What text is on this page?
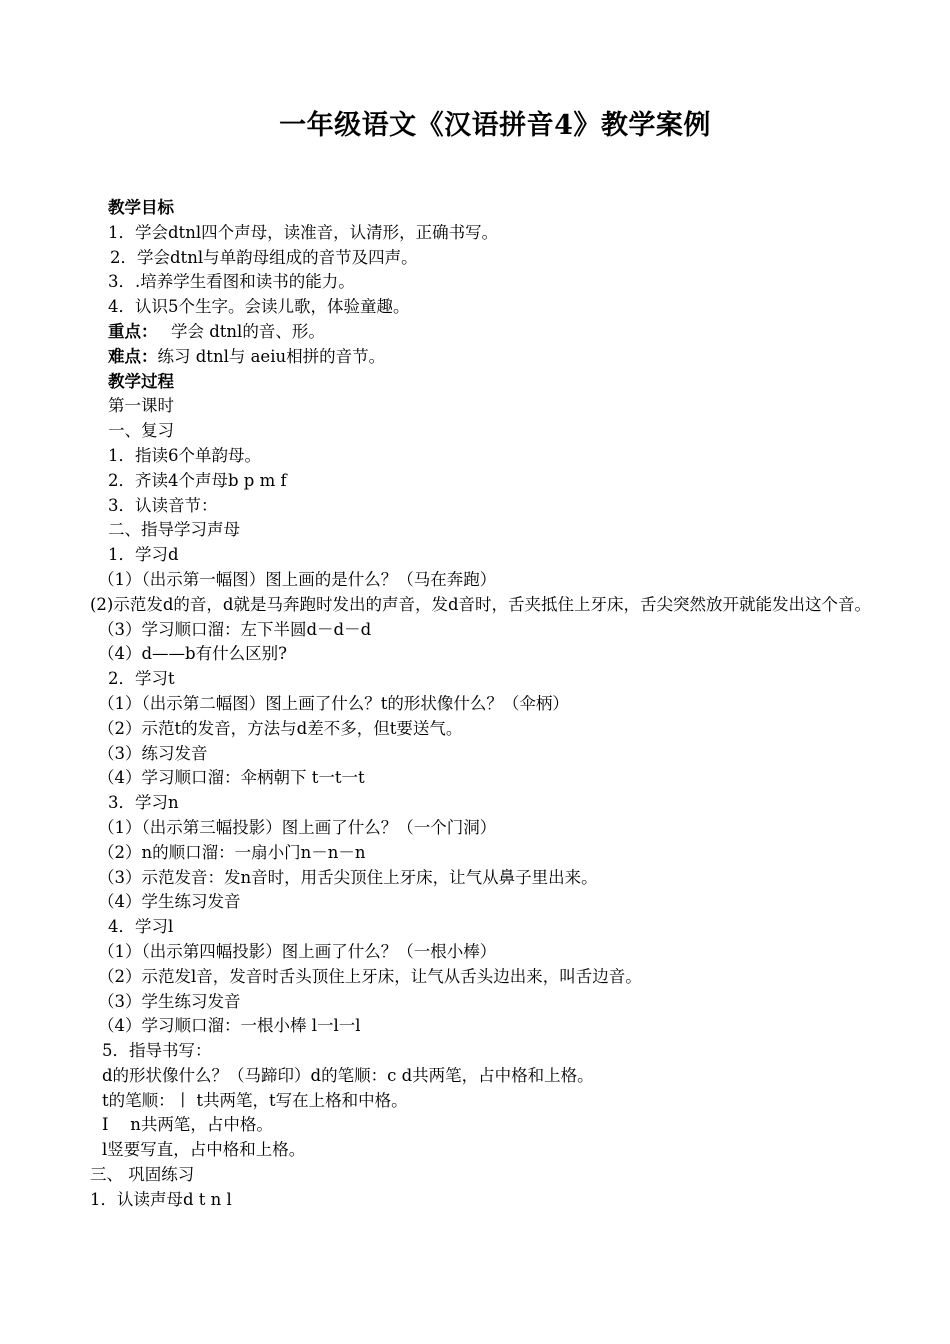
一年级语文《汉语拼音4》教学案例
教学目标
1．学会dtnl四个声母，读准音，认清形，正确书写。
2．学会dtnl与单韵母组成的音节及四声。
3．.培养学生看图和读书的能力。
4．认识5个生字。会读儿歌，体验童趣。
重点：　 学会 dtnl的音、形。
难点：练习 dtnl与 aeiu相拼的音节。
教学过程
第一课时
一、复习
1．指读6个单韵母。
2．齐读4个声母b p m f
3．认读音节：
二、指导学习声母
1．学习d
（1）（出示第一幅图）图上画的是什么？（马在奔跑）
(2)示范发d的音，d就是马奔跑时发出的声音，发d音时，舌夹抵住上牙床，舌尖突然放开就能发出这个音。
（3）学习顺口溜：左下半圆d－d－d
（4）d——b有什么区别?
2．学习t
（1）（出示第二幅图）图上画了什么？t的形状像什么？（伞柄）
（2）示范t的发音，方法与d差不多，但t要送气。
（3）练习发音
（4）学习顺口溜：伞柄朝下 t一t一t
3．学习n
（1）（出示第三幅投影）图上画了什么？（一个门洞）
（2）n的顺口溜：一扇小门n－n－n
（3）示范发音：发n音时，用舌尖顶住上牙床，让气从鼻子里出来。
（4）学生练习发音
4．学习l
（1）（出示第四幅投影）图上画了什么？（一根小棒）
（2）示范发l音，发音时舌头顶住上牙床，让气从舌头边出来，叫舌边音。
（3）学生练习发音
（4）学习顺口溜：一根小棒 l一l一l
5．指导书写：
d的形状像什么？（马蹄印）d的笔顺：c d共两笔，占中格和上格。
t的笔顺：丨 t共两笔，t写在上格和中格。
I　 n共两笔，占中格。
l竖要写直，占中格和上格。
三、 巩固练习
1．认读声母d t n l
